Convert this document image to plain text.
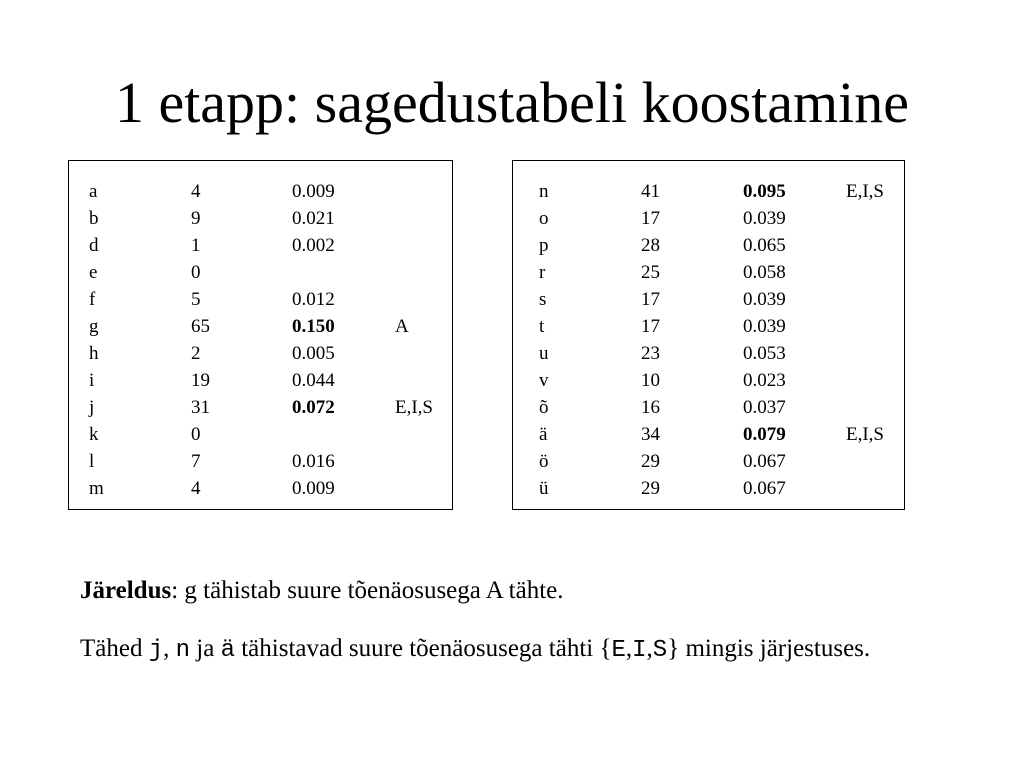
1 etapp: sagedustabeli koostamine
a	4	0.009
b	9	0.021
d	1	0.002
e	0
f	5	0.012
g	65	0.150	A
h	2	0.005
i	19	0.044
j	31	0.072	E,I,S
k	0
l	7	0.016
m	4	0.009
n	41	0.095	E,I,S
o	17	0.039
p	28	0.065
r	25	0.058
s	17	0.039
t	17	0.039
u	23	0.053
v	10	0.023
õ	16	0.037
ä	34	0.079	E,I,S
ö	29	0.067
ü	29	0.067
Järeldus: g tähistab suure tõenäosusega A tähte.
Tähed j, n ja ä tähistavad suure tõenäosusega tähti {E,I,S} mingis järjestuses.
